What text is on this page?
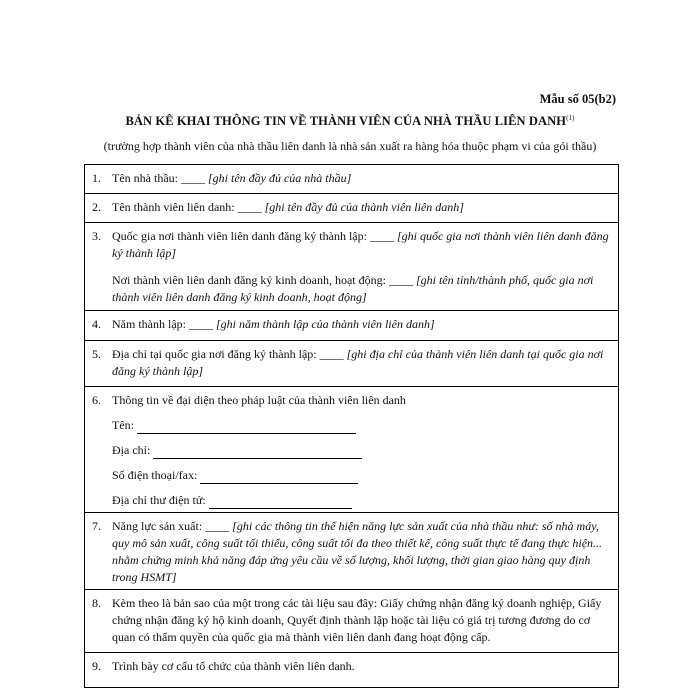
Mẫu số 05(b2)
BẢN KÊ KHAI THÔNG TIN VỀ THÀNH VIÊN CỦA NHÀ THẦU LIÊN DANH$^{(1)}$
(trường hợp thành viên của nhà thầu liên danh là nhà sản xuất ra hàng hóa thuộc phạm vi của gói thầu)
1. Tên nhà thầu: ____ [ghi tên đầy đủ của nhà thầu]
2. Tên thành viên liên danh: ____ [ghi tên đầy đủ của thành viên liên danh]
3. Quốc gia nơi thành viên liên danh đăng ký thành lập: ____ [ghi quốc gia nơi thành viên liên danh đăng ký thành lập]
Nơi thành viên liên danh đăng ký kinh doanh, hoạt động: ____ [ghi tên tỉnh/thành phố, quốc gia nơi thành viên liên danh đăng ký kinh doanh, hoạt động]
4. Năm thành lập: ____ [ghi năm thành lập của thành viên liên danh]
5. Địa chỉ tại quốc gia nơi đăng ký thành lập: ____ [ghi địa chỉ của thành viên liên danh tại quốc gia nơi đăng ký thành lập]
6. Thông tin về đại diện theo pháp luật của thành viên liên danh
Tên:
Địa chỉ:
Số điện thoại/fax:
Địa chỉ thư điện tử:
7. Năng lực sản xuất: ____ [ghi các thông tin thể hiện năng lực sản xuất của nhà thầu như: số nhà máy, quy mô sản xuất, công suất tối thiểu, công suất tối đa theo thiết kế, công suất thực tế đang thực hiện... nhằm chứng minh khả năng đáp ứng yêu cầu về số lượng, khối lượng, thời gian giao hàng quy định trong HSMT]
8. Kèm theo là bản sao của một trong các tài liệu sau đây: Giấy chứng nhận đăng ký doanh nghiệp, Giấy chứng nhận đăng ký hộ kinh doanh, Quyết định thành lập hoặc tài liệu có giá trị tương đương do cơ quan có thẩm quyền của quốc gia mà thành viên liên danh đang hoạt động cấp.
9. Trình bày cơ cấu tổ chức của thành viên liên danh.
